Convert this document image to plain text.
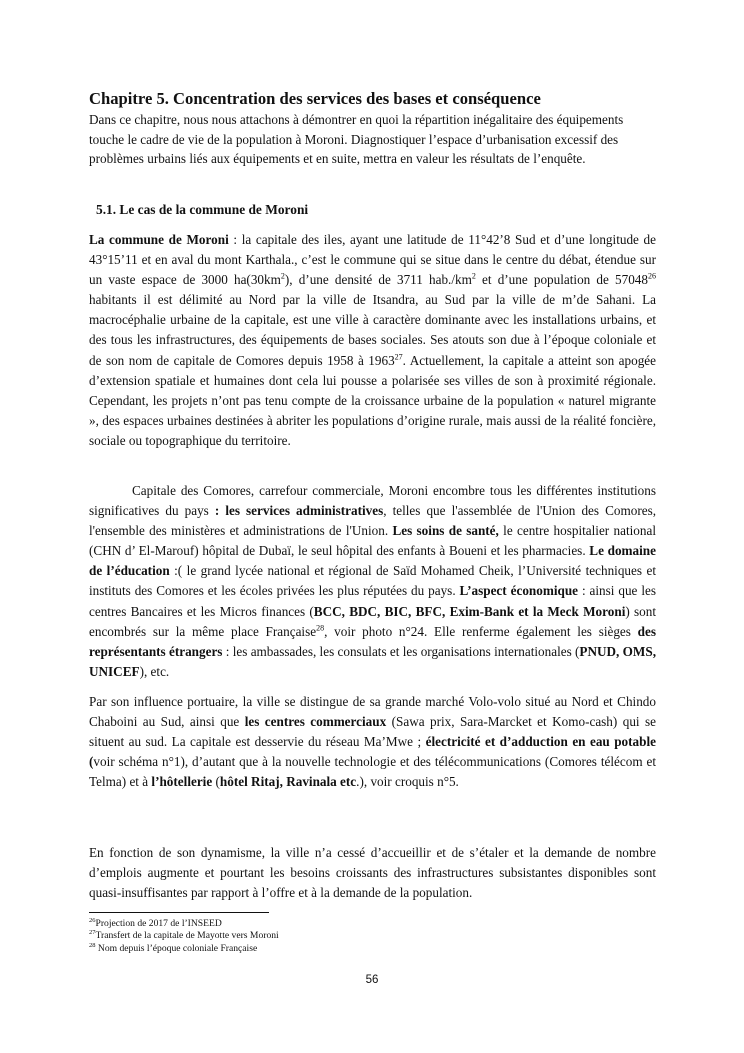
Chapitre 5. Concentration des services des bases et conséquence
Dans ce chapitre, nous nous attachons à démontrer en quoi la répartition inégalitaire des équipements touche le cadre de vie de la population à Moroni. Diagnostiquer l’espace d’urbanisation excessif des problèmes urbains liés aux équipements et en suite, mettra en valeur les résultats de l’enquête.
5.1. Le cas de la commune de Moroni

La commune de Moroni : la capitale des iles, ayant une latitude de 11°42’8 Sud et d’une longitude de 43°15’11 et en aval du mont Karthala., c’est le commune qui se situe dans le centre du débat, étendue sur un vaste espace de 3000 $ha(30km^2)$, d’une densité de 3711 $hab./km^2$ et d’une population de 57048$^{26}$ habitants il est délimité au Nord par la ville de Itsandra, au Sud par la ville de m’de Sahani. La macrocéphalie urbaine de la capitale, est une ville à caractère dominante avec les installations urbains, et des tous les infrastructures, des équipements de bases sociales. Ses atouts son due à l’époque coloniale et de son nom de capitale de Comores depuis 1958 à 1963$^{27}$. Actuellement, la capitale a atteint son apogée d’extension spatiale et humaines dont cela lui pousse a polarisée ses villes de son à proximité régionale. Cependant, les projets n’ont pas tenu compte de la croissance urbaine de la population « naturel migrante », des espaces urbaines destinées à abriter les populations d’origine rurale, mais aussi de la réalité foncière, sociale ou topographique du territoire.

Capitale des Comores, carrefour commerciale, Moroni encombre tous les différentes institutions significatives du pays : les services administratives, telles que l'assemblée de l'Union des Comores, l'ensemble des ministères et administrations de l'Union. Les soins de santé, le centre hospitalier national (CHN d’ El-Marouf) hôpital de Dubaï, le seul hôpital des enfants à Boueni et les pharmacies. Le domaine de l’éducation :( le grand lycée national et régional de Saïd Mohamed Cheik, l’Université techniques et instituts des Comores et les écoles privées les plus réputées du pays. L’aspect économique : ainsi que les centres Bancaires et les Micros finances (BCC, BDC, BIC, BFC, Exim-Bank et la Meck Moroni) sont encombrés sur la même place Française$^{28}$, voir photo n°24. Elle renferme également les sièges des représentants étrangers : les ambassades, les consulats et les organisations internationales (PNUD, OMS, UNICEF), etc.

Par son influence portuaire, la ville se distingue de sa grande marché Volo-volo situé au Nord et Chindo Chaboini au Sud, ainsi que les centres commerciaux (Sawa prix, Sara-Marcket et Komo-cash) qui se situent au sud. La capitale est desservie du réseau Ma’Mwe ; électricité et d’adduction en eau potable (voir schéma n°1), d’autant que à la nouvelle technologie et des télécommunications (Comores télécom et Telma) et à l’hôtellerie (hôtel Ritaj, Ravinala etc.), voir croquis n°5.

En fonction de son dynamisme, la ville n’a cessé d’accueillir et de s’étaler et la demande de nombre d’emplois augmente et pourtant les besoins croissants des infrastructures subsistantes disponibles sont quasi-insuffisantes par rapport à l’offre et à la demande de la population.

$^{26}$Projection de 2017 de l’INSEED
$^{27}$Transfert de la capitale de Mayotte vers Moroni
$^{28}$ Nom depuis l’époque coloniale Française
56
